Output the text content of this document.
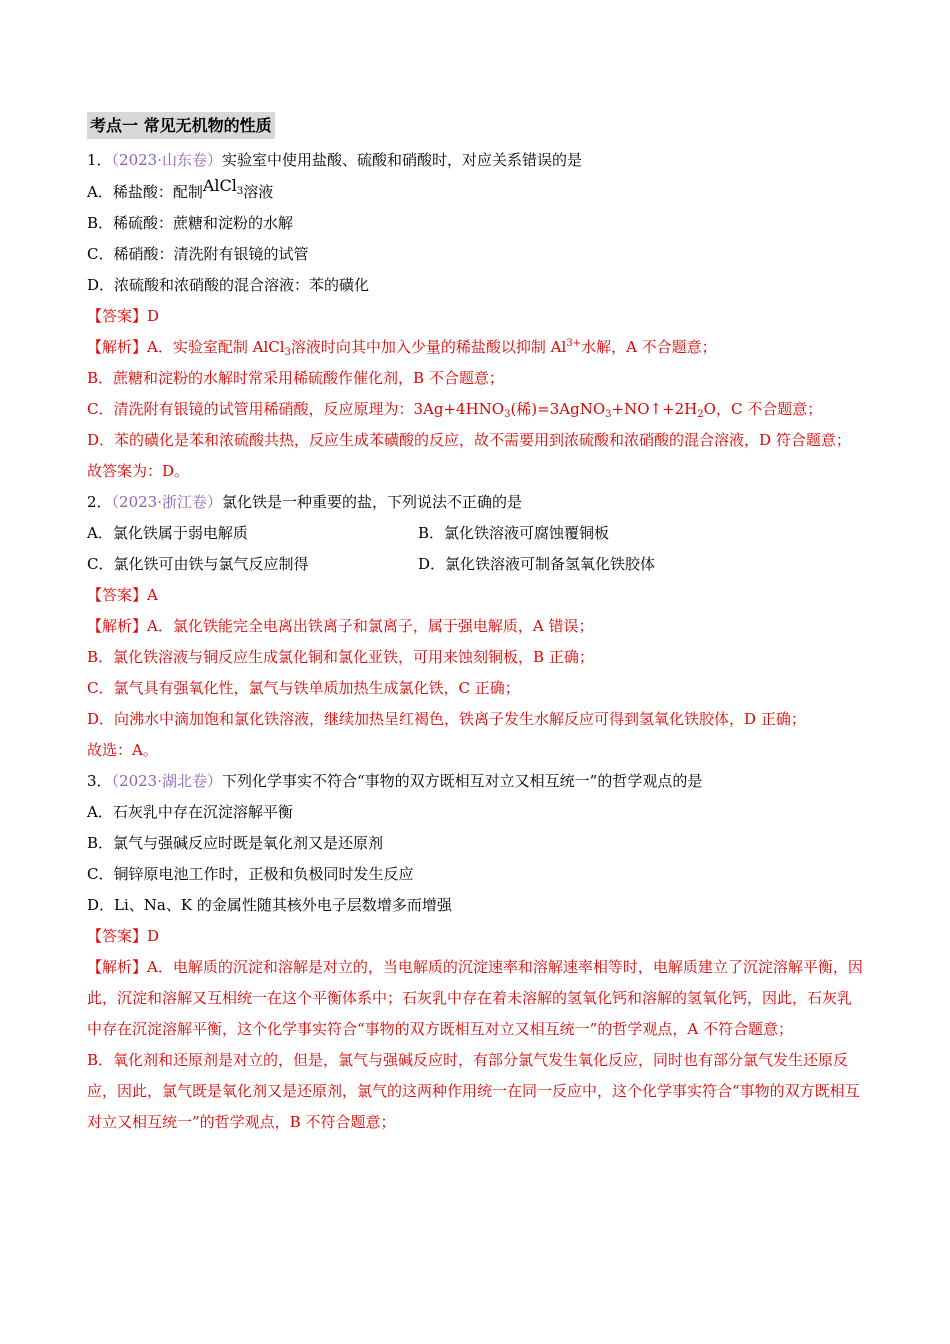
考点一 常见无机物的性质
1．（2023·山东卷）实验室中使用盐酸、硫酸和硝酸时，对应关系错误的是
A．稀盐酸：配制AlCl$_3$溶液
B．稀硫酸：蔗糖和淀粉的水解
C．稀硝酸：清洗附有银镜的试管
D．浓硫酸和浓硝酸的混合溶液：苯的磺化
【答案】D
【解析】A．实验室配制 AlCl$_3$溶液时向其中加入少量的稀盐酸以抑制 $Al^{3+}$水解，A 不合题意；
B．蔗糖和淀粉的水解时常采用稀硫酸作催化剂，B 不合题意；
C．清洗附有银镜的试管用稀硝酸，反应原理为：$3Ag+4HNO_3$(稀)$=3AgNO_3+NO↑+2H_2O$，C 不合题意；
D．苯的磺化是苯和浓硫酸共热，反应生成苯磺酸的反应，故不需要用到浓硫酸和浓硝酸的混合溶液，D 符合题意；
故答案为：D。
2．（2023·浙江卷）氯化铁是一种重要的盐，下列说法不正确的是
A．氯化铁属于弱电解质	B．氯化铁溶液可腐蚀覆铜板
C．氯化铁可由铁与氯气反应制得	D．氯化铁溶液可制备氢氧化铁胶体
【答案】A
【解析】A．氯化铁能完全电离出铁离子和氯离子，属于强电解质，A 错误；
B．氯化铁溶液与铜反应生成氯化铜和氯化亚铁，可用来蚀刻铜板，B 正确；
C．氯气具有强氧化性，氯气与铁单质加热生成氯化铁，C 正确；
D．向沸水中滴加饱和氯化铁溶液，继续加热呈红褐色，铁离子发生水解反应可得到氢氧化铁胶体，D 正确；
故选：A。
3．（2023·湖北卷）下列化学事实不符合“事物的双方既相互对立又相互统一”的哲学观点的是
A．石灰乳中存在沉淀溶解平衡
B．氯气与强碱反应时既是氧化剂又是还原剂
C．铜锌原电池工作时，正极和负极同时发生反应
D．Li、Na、K 的金属性随其核外电子层数增多而增强
【答案】D
【解析】A．电解质的沉淀和溶解是对立的，当电解质的沉淀速率和溶解速率相等时，电解质建立了沉淀溶解平衡，因此，沉淀和溶解又互相统一在这个平衡体系中；石灰乳中存在着未溶解的氢氧化钙和溶解的氢氧化钙，因此，石灰乳中存在沉淀溶解平衡，这个化学事实符合“事物的双方既相互对立又相互统一”的哲学观点，A 不符合题意；
B．氧化剂和还原剂是对立的，但是，氯气与强碱反应时，有部分氯气发生氧化反应，同时也有部分氯气发生还原反应，因此，氯气既是氧化剂又是还原剂，氯气的这两种作用统一在同一反应中，这个化学事实符合“事物的双方既相互对立又相互统一”的哲学观点，B 不符合题意；
